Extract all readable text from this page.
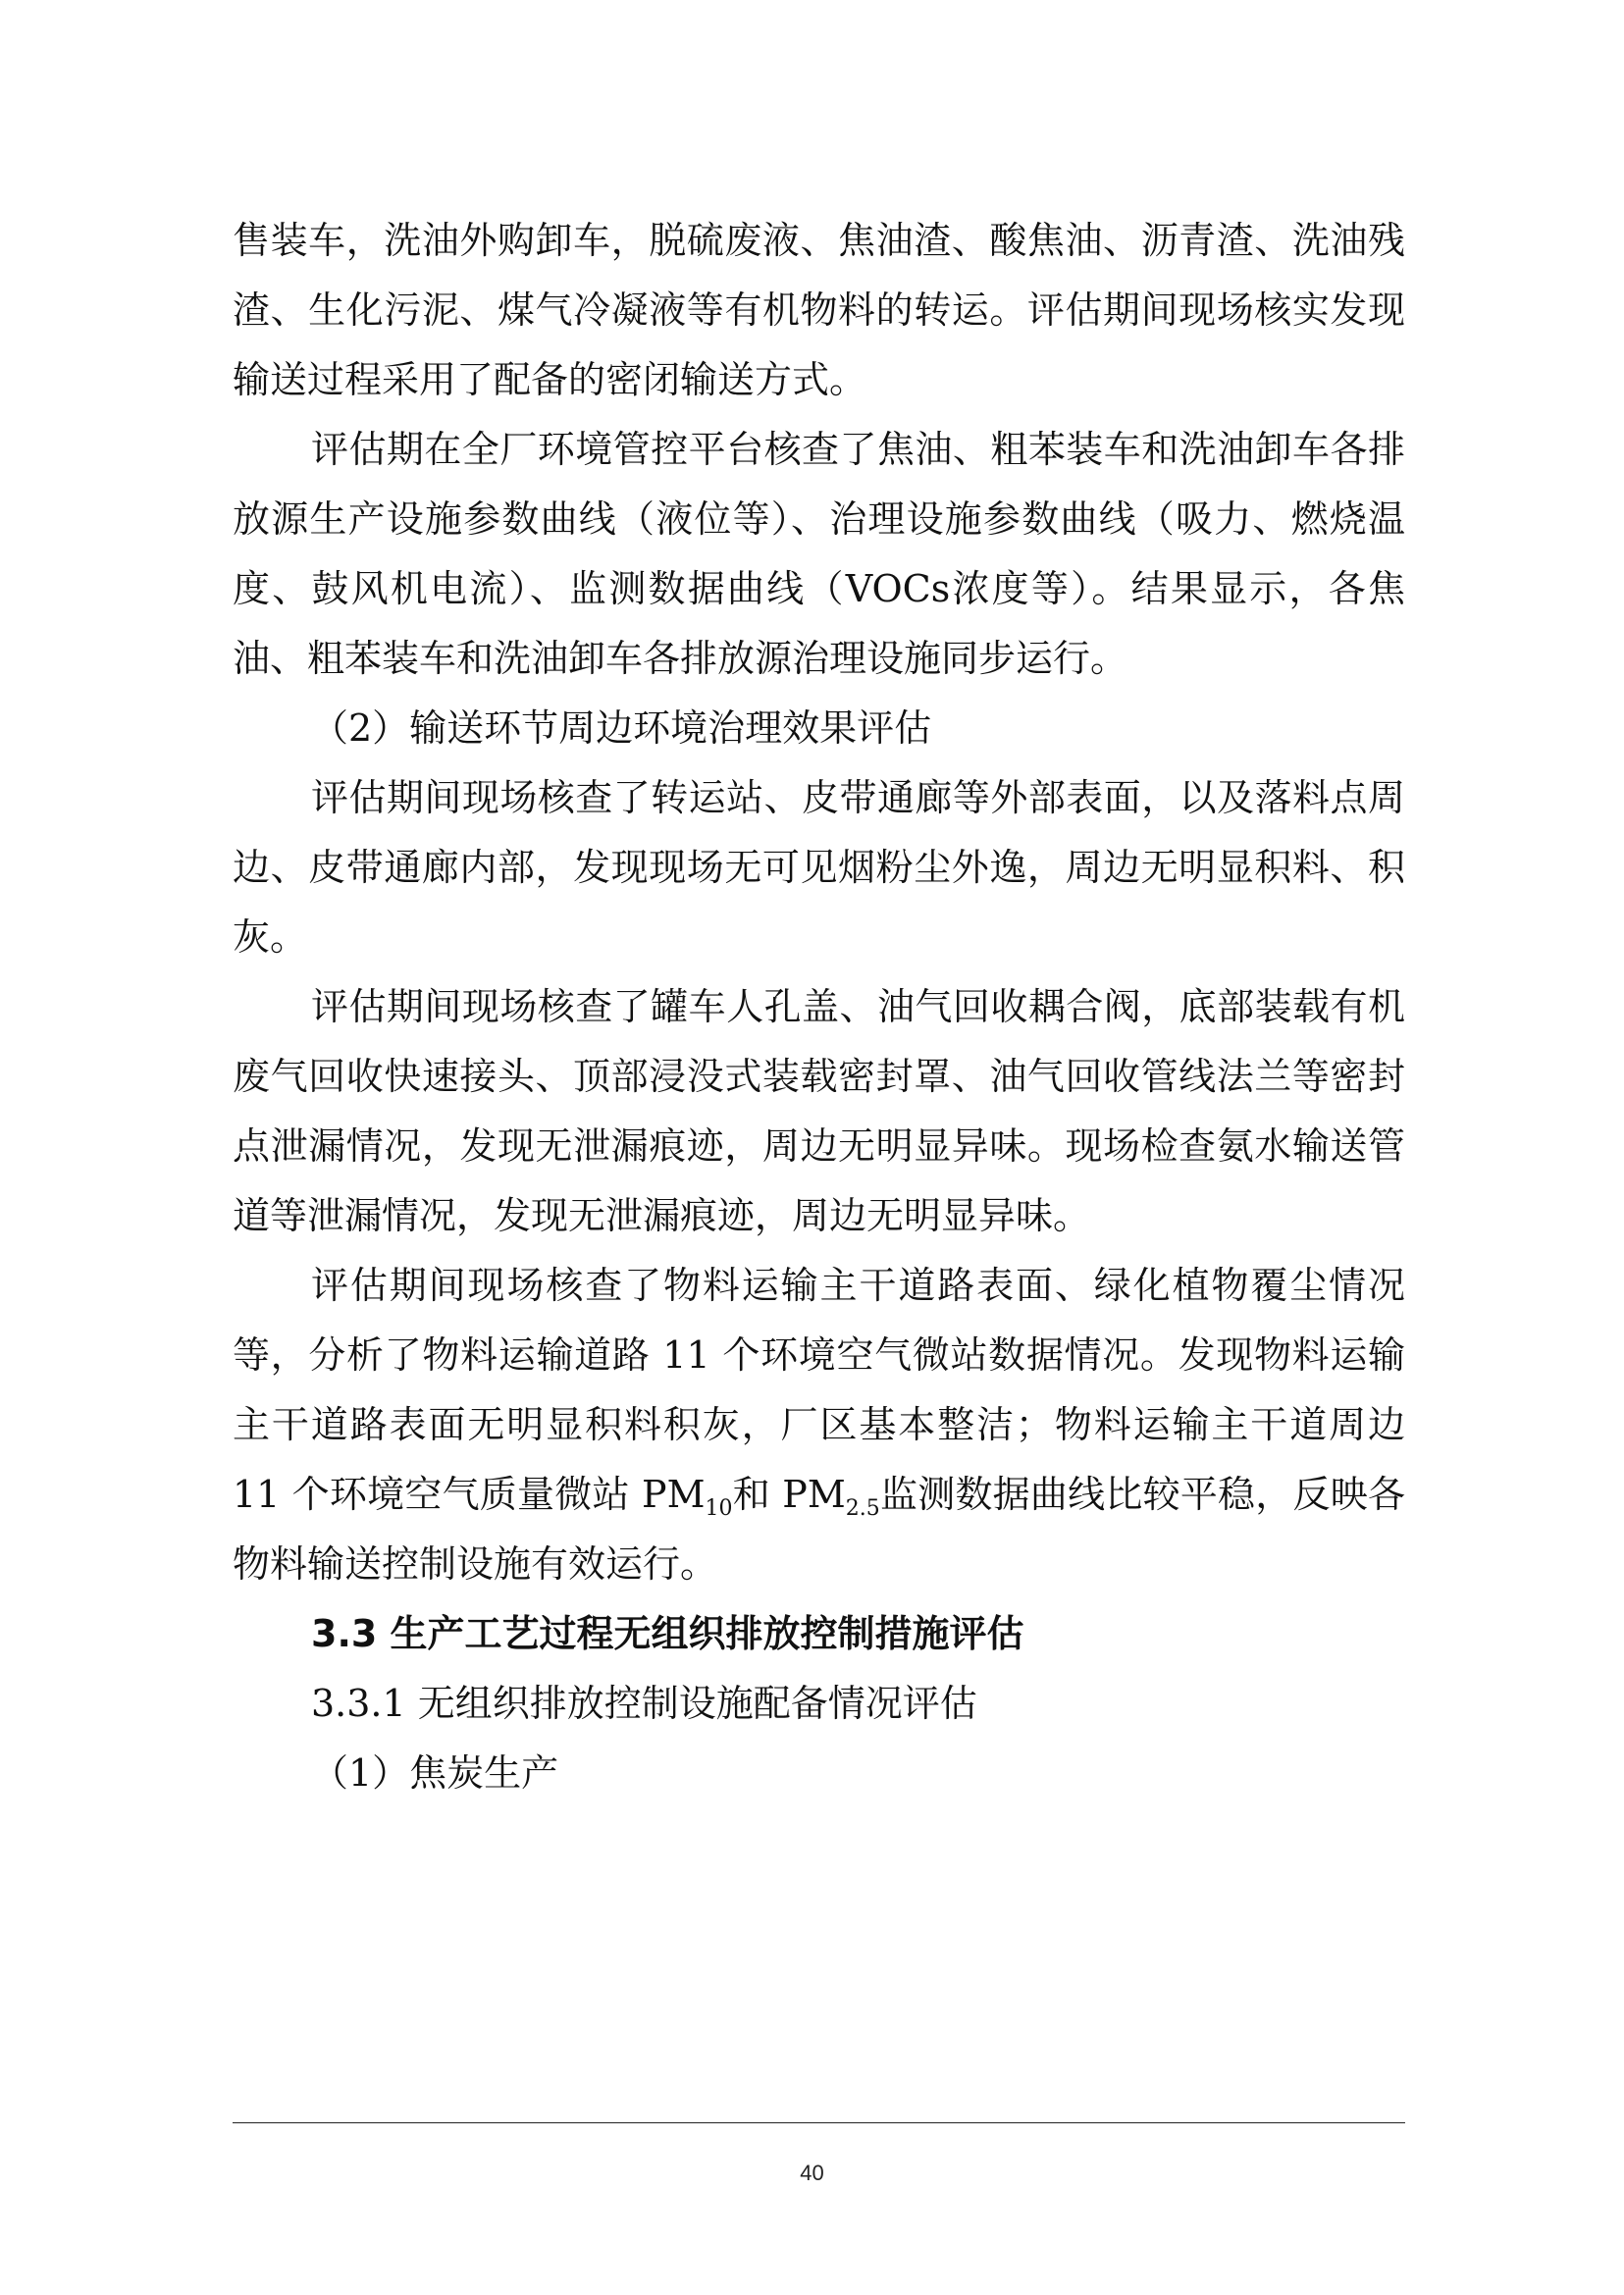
售装车，洗油外购卸车，脱硫废液、焦油渣、酸焦油、沥青渣、洗油残渣、生化污泥、煤气冷凝液等有机物料的转运。评估期间现场核实发现输送过程采用了配备的密闭输送方式。

评估期在全厂环境管控平台核查了焦油、粗苯装车和洗油卸车各排放源生产设施参数曲线（液位等）、治理设施参数曲线（吸力、燃烧温度、鼓风机电流）、监测数据曲线（VOCs浓度等）。结果显示，各焦油、粗苯装车和洗油卸车各排放源治理设施同步运行。

（2）输送环节周边环境治理效果评估

评估期间现场核查了转运站、皮带通廊等外部表面，以及落料点周边、皮带通廊内部，发现现场无可见烟粉尘外逸，周边无明显积料、积灰。

评估期间现场核查了罐车人孔盖、油气回收耦合阀，底部装载有机废气回收快速接头、顶部浸没式装载密封罩、油气回收管线法兰等密封点泄漏情况，发现无泄漏痕迹，周边无明显异味。现场检查氨水输送管道等泄漏情况，发现无泄漏痕迹，周边无明显异味。

评估期间现场核查了物料运输主干道路表面、绿化植物覆尘情况等，分析了物料运输道路 11 个环境空气微站数据情况。发现物料运输主干道路表面无明显积料积灰，厂区基本整洁；物料运输主干道周边 11 个环境空气质量微站 $PM_{10}$和 $PM_{2.5}$监测数据曲线比较平稳，反映各物料输送控制设施有效运行。

3.3 生产工艺过程无组织排放控制措施评估

3.3.1 无组织排放控制设施配备情况评估

（1）焦炭生产

40
